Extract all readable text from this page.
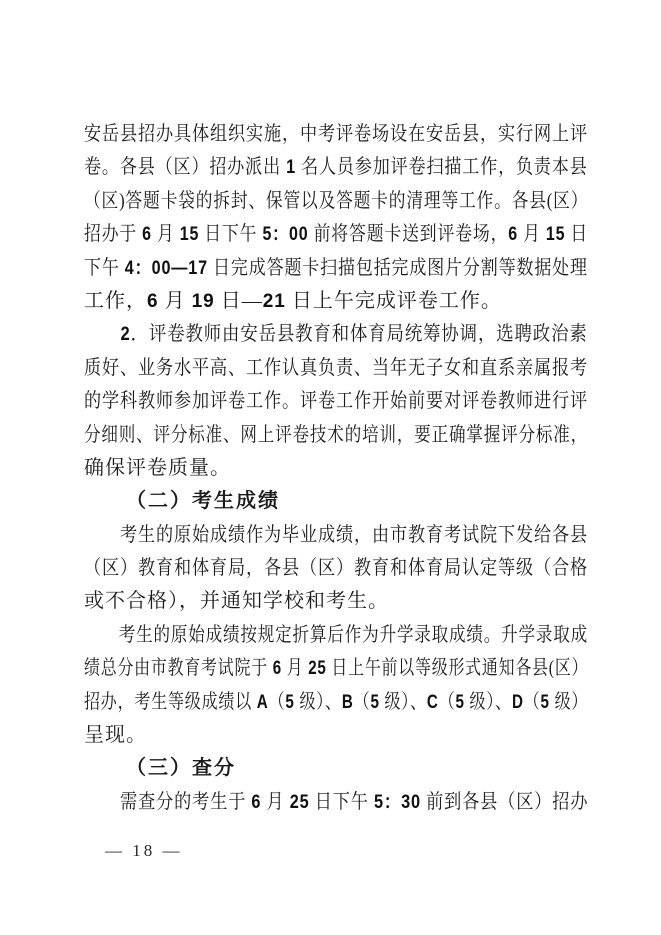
安岳县招办具体组织实施，中考评卷场设在安岳县，实行网上评
卷。各县（区）招办派出 1 名人员参加评卷扫描工作，负责本县
（区)答题卡袋的拆封、保管以及答题卡的清理等工作。各县(区）
招办于 6 月 15 日下午 5：00 前将答题卡送到评卷场，6 月 15 日
下午 4：00—17 日完成答题卡扫描包括完成图片分割等数据处理
工作，6 月 19 日—21 日上午完成评卷工作。
2．评卷教师由安岳县教育和体育局统筹协调，选聘政治素
质好、业务水平高、工作认真负责、当年无子女和直系亲属报考
的学科教师参加评卷工作。评卷工作开始前要对评卷教师进行评
分细则、评分标准、网上评卷技术的培训，要正确掌握评分标准，
确保评卷质量。
（二）考生成绩
考生的原始成绩作为毕业成绩，由市教育考试院下发给各县
（区）教育和体育局，各县（区）教育和体育局认定等级（合格
或不合格），并通知学校和考生。
考生的原始成绩按规定折算后作为升学录取成绩。升学录取成
绩总分由市教育考试院于 6 月 25 日上午前以等级形式通知各县(区）
招办，考生等级成绩以 A（5 级）、B（5 级）、C（5 级）、D（5 级）
呈现。
（三）查分
需查分的考生于 6 月 25 日下午 5：30 前到各县（区）招办
— 18 —
